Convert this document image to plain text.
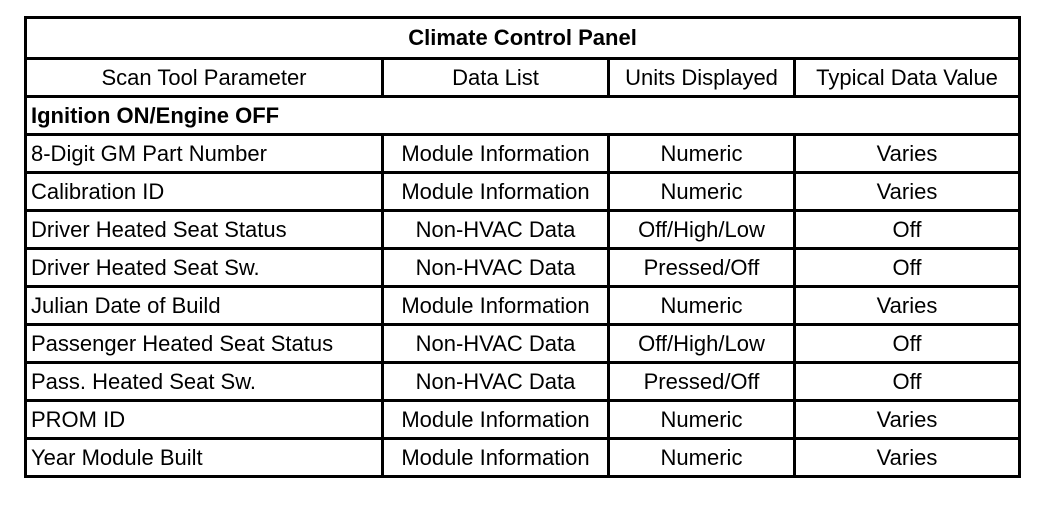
Climate Control Panel			
Scan Tool Parameter	Data List	Units Displayed	Typical Data Value
Ignition ON/Engine OFF			
8-Digit GM Part Number	Module Information	Numeric	Varies
Calibration ID	Module Information	Numeric	Varies
Driver Heated Seat Status	Non-HVAC Data	Off/High/Low	Off
Driver Heated Seat Sw.	Non-HVAC Data	Pressed/Off	Off
Julian Date of Build	Module Information	Numeric	Varies
Passenger Heated Seat Status	Non-HVAC Data	Off/High/Low	Off
Pass. Heated Seat Sw.	Non-HVAC Data	Pressed/Off	Off
PROM ID	Module Information	Numeric	Varies
Year Module Built	Module Information	Numeric	Varies
